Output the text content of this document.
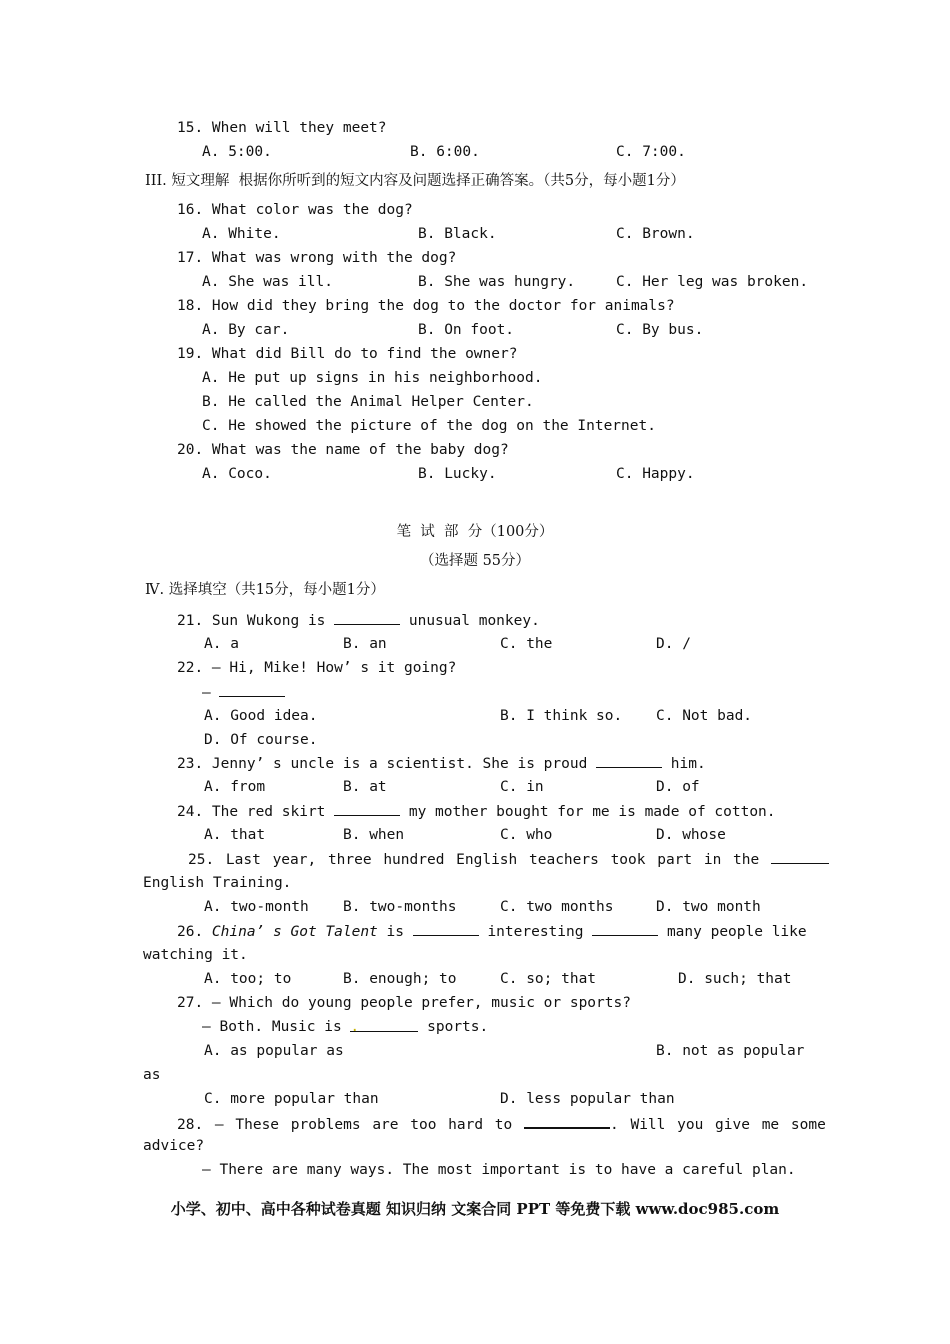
15. When will they meet?
A. 5:00.	B. 6:00.	C. 7:00.
III. 短文理解  根据你所听到的短文内容及问题选择正确答案。（共5分，每小题1分）
16. What color was the dog?
A. White.	B. Black.	C. Brown.
17. What was wrong with the dog?
A. She was ill.	B. She was hungry.	C. Her leg was broken.
18. How did they bring the dog to the doctor for animals?
A. By car.	B. On foot.	C. By bus.
19. What did Bill do to find the owner?
A. He put up signs in his neighborhood.
B. He called the Animal Helper Center.
C. He showed the picture of the dog on the Internet.
20. What was the name of the baby dog?
A. Coco.	B. Lucky.	C. Happy.
笔  试  部  分（100分）
（选择题 55分）
Ⅳ. 选择填空（共15分，每小题1分）
21. Sun Wukong is	unusual monkey.
A. a	B. an	C. the	D. /
22. — Hi, Mike! How’ s it going?
—
A. Good idea.	B. I think so. C. Not bad.
D. Of course.
23. Jenny’ s uncle is a scientist. She is proud	him.
A. from	B. at	C. in	D. of
24. The red skirt	my mother bought for me is made of cotton.
A. that	B. when	C. who	D. whose
25. Last year, three hundred English teachers took part in the
English Training.
A. two-month B. two-months	C. two months	D. two month
26. China’ s Got Talent is	interesting	many people like
watching it.
A. too; to	B. enough; to	C. so; that	D. such; that
27. — Which do young people prefer, music or sports?
— Both. Music is .	sports.
A. as popular as	B. not as popular
as
C. more popular than	D. less popular than
28. — These problems are too hard to	. Will you give me some
advice?
— There are many ways. The most important is to have a careful plan.
小学、初中、高中各种试卷真题 知识归纳 文案合同 PPT 等免费下载 www.doc985.com
